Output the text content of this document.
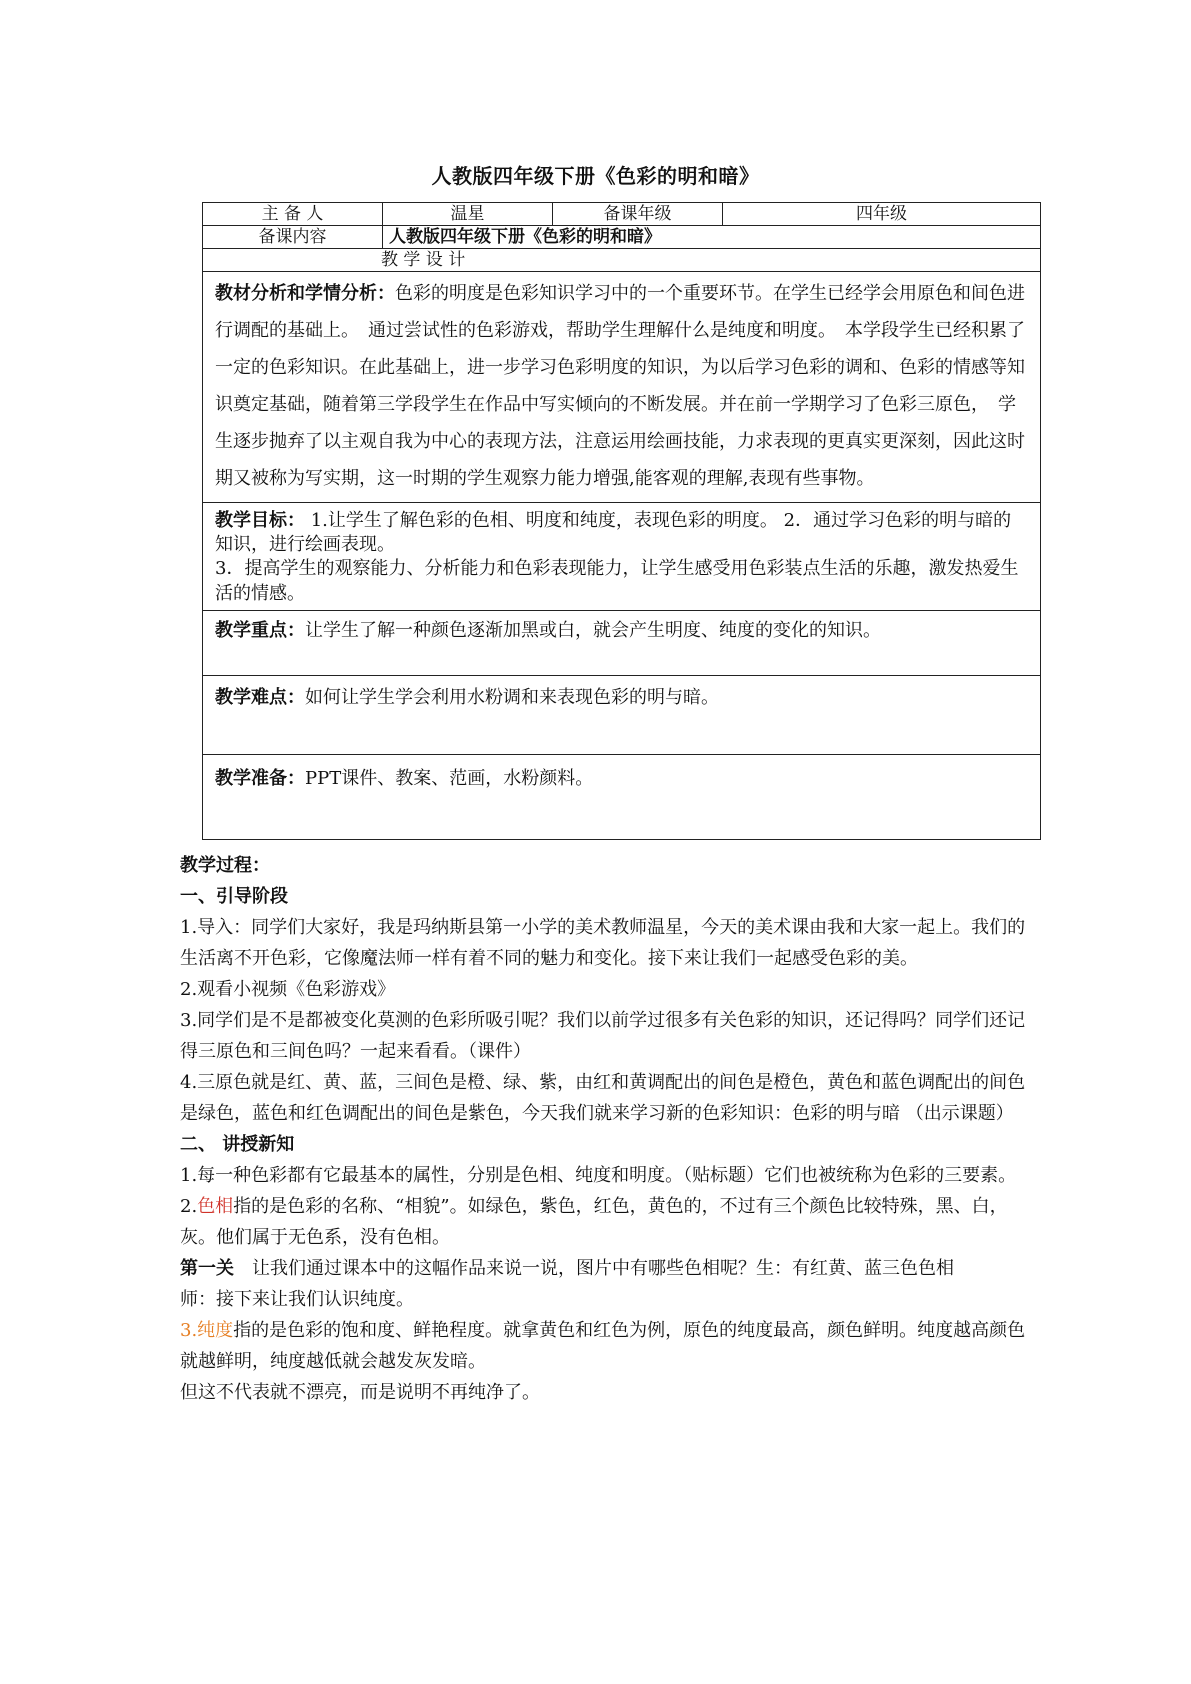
人教版四年级下册《色彩的明和暗》
主 备 人	温星	备课年级	四年级
备课内容	人教版四年级下册《色彩的明和暗》		
教 学 设 计			
教材分析和学情分析：色彩的明度是色彩知识学习中的一个重要环节。在学生已经学会用原色和间色进行调配的基础上。　通过尝试性的色彩游戏，帮助学生理解什么是纯度和明度。　本学段学生已经积累了一定的色彩知识。在此基础上，进一步学习色彩明度的知识，为以后学习色彩的调和、色彩的情感等知识奠定基础，随着第三学段学生在作品中写实倾向的不断发展。并在前一学期学习了色彩三原色，　学生逐步抛弃了以主观自我为中心的表现方法，注意运用绘画技能，力求表现的更真实更深刻，因此这时期又被称为写实期，这一时期的学生观察力能力增强,能客观的理解,表现有些事物。			
教学目标： 1.让学生了解色彩的色相、明度和纯度，表现色彩的明度。 2．通过学习色彩的明与暗的知识，进行绘画表现。
3．提高学生的观察能力、分析能力和色彩表现能力，让学生感受用色彩装点生活的乐趣，激发热爱生活的情感。			
教学重点：让学生了解一种颜色逐渐加黑或白，就会产生明度、纯度的变化的知识。			
教学难点：如何让学生学会利用水粉调和来表现色彩的明与暗。			
教学准备：PPT课件、教案、范画，水粉颜料。			

教学过程：

一、引导阶段

1.导入：同学们大家好，我是玛纳斯县第一小学的美术教师温星，今天的美术课由我和大家一起上。我们的生活离不开色彩，它像魔法师一样有着不同的魅力和变化。接下来让我们一起感受色彩的美。

2.观看小视频《色彩游戏》

3.同学们是不是都被变化莫测的色彩所吸引呢？我们以前学过很多有关色彩的知识，还记得吗？同学们还记得三原色和三间色吗？一起来看看。（课件）

4.三原色就是红、黄、蓝，三间色是橙、绿、紫，由红和黄调配出的间色是橙色，黄色和蓝色调配出的间色是绿色，蓝色和红色调配出的间色是紫色，今天我们就来学习新的色彩知识：色彩的明与暗 （出示课题）

二、 讲授新知

1.每一种色彩都有它最基本的属性，分别是色相、纯度和明度。（贴标题）它们也被统称为色彩的三要素。

2.色相指的是色彩的名称、“相貌”。如绿色，紫色，红色，黄色的，不过有三个颜色比较特殊，黑、白，灰。他们属于无色系，没有色相。

第一关　让我们通过课本中的这幅作品来说一说，图片中有哪些色相呢？生：有红黄、蓝三色色相

师：接下来让我们认识纯度。

3.纯度指的是色彩的饱和度、鲜艳程度。就拿黄色和红色为例，原色的纯度最高，颜色鲜明。纯度越高颜色就越鲜明，纯度越低就会越发灰发暗。

但这不代表就不漂亮，而是说明不再纯净了。
